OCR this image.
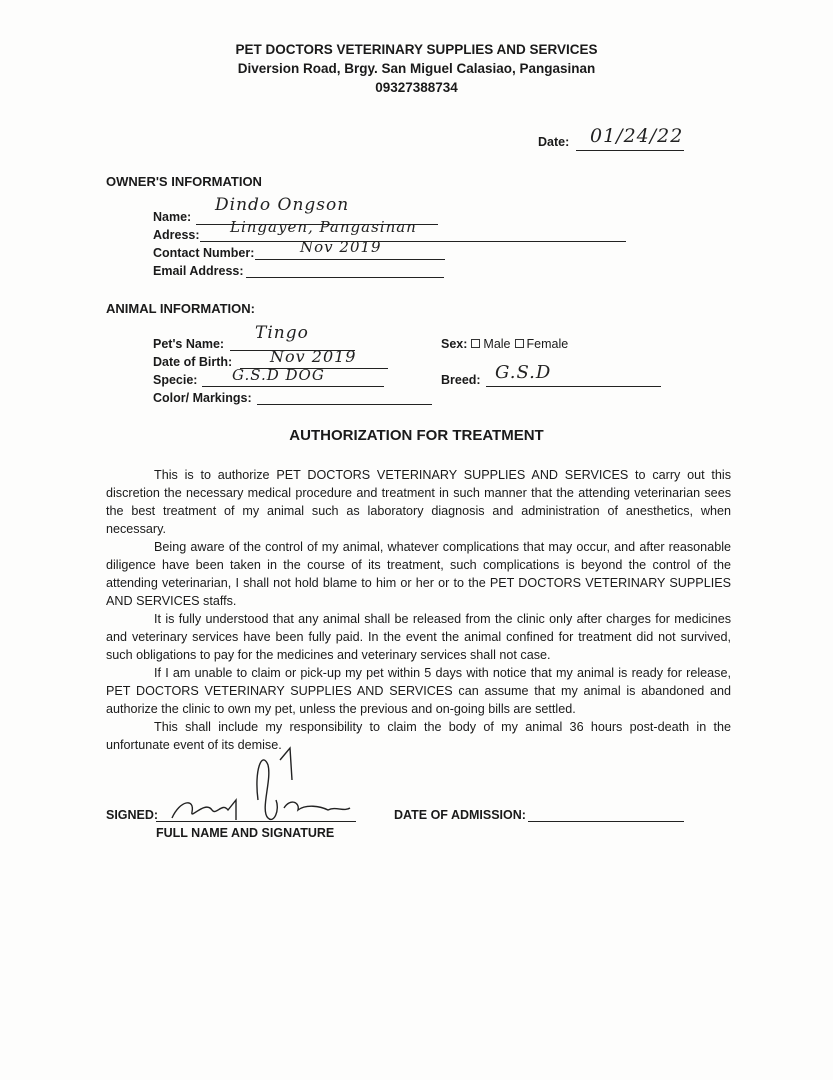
PET DOCTORS VETERINARY SUPPLIES AND SERVICES
Diversion Road, Brgy. San Miguel Calasiao, Pangasinan
09327388734
Date: 01/24/22
OWNER'S INFORMATION
Name:
Dindo Ongson
Adress: Lingayen, Pangasinan
Contact Number:	Nov 2019
Email Address:
ANIMAL INFORMATION:
Pet's Name:
Tingo
Date of Birth: Nov 2019
Specie: G.S.D DOG
Color/ Markings:
Sex: Male Female
Breed: G.S.D
AUTHORIZATION FOR TREATMENT

This is to authorize PET DOCTORS VETERINARY SUPPLIES AND SERVICES to carry out this discretion the necessary medical procedure and treatment in such manner that the attending veterinarian sees the best treatment of my animal such as laboratory diagnosis and administration of anesthetics, when necessary.

Being aware of the control of my animal, whatever complications that may occur, and after reasonable diligence have been taken in the course of its treatment, such complications is beyond the control of the attending veterinarian, I shall not hold blame to him or her or to the PET DOCTORS VETERINARY SUPPLIES AND SERVICES staffs.

It is fully understood that any animal shall be released from the clinic only after charges for medicines and veterinary services have been fully paid. In the event the animal confined for treatment did not survived, such obligations to pay for the medicines and veterinary services shall not case.

If I am unable to claim or pick-up my pet within 5 days with notice that my animal is ready for release, PET DOCTORS VETERINARY SUPPLIES AND SERVICES can assume that my animal is abandoned and authorize the clinic to own my pet, unless the previous and on-going bills are settled.

This shall include my responsibility to claim the body of my animal 36 hours post-death in the unfortunate event of its demise.

SIGNED:
FULL NAME AND SIGNATURE
DATE OF ADMISSION:
